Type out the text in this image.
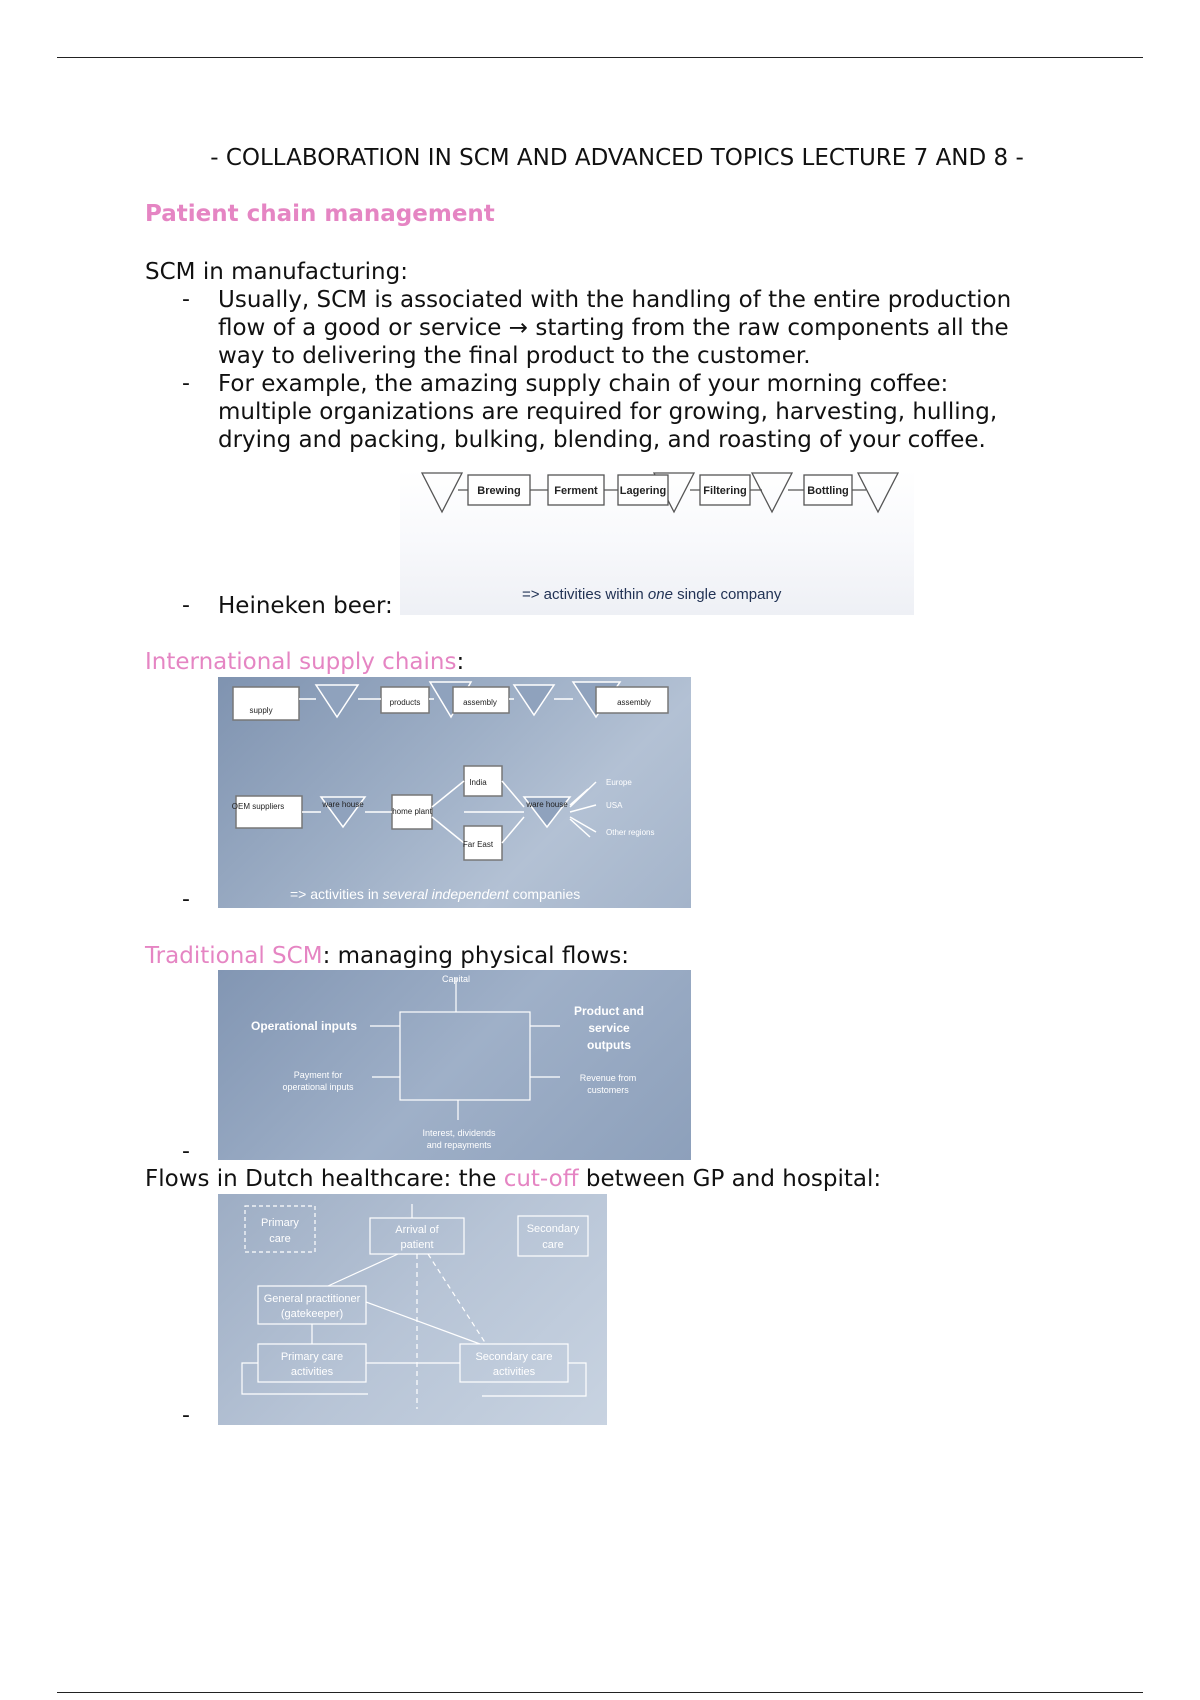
- COLLABORATION IN SCM AND ADVANCED TOPICS LECTURE 7 AND 8 -
Patient chain management
SCM in manufacturing:
- Usually, SCM is associated with the handling of the entire production
flow of a good or service → starting from the raw components all the
way to delivering the final product to the customer.
- For example, the amazing supply chain of your morning coffee:
multiple organizations are required for growing, harvesting, hulling,
drying and packing, bulking, blending, and roasting of your coffee.
Brewing	Ferment Lagering	Filtering	Bottling
=> activities within one single company
- Heineken beer:
International supply chains:
supply
products	assembly	assembly
OEM suppliers	ware house
home plant
India
Far East
ware house
Europe
USA
Other regions
=> activities in several independent companies
-
Traditional SCM: managing physical flows:
Capital
Operational inputs
Product and
service
outputs
Payment for
operational inputs
Revenue from
customers
Interest, dividends
and repayments
-
Flows in Dutch healthcare: the cut-off between GP and hospital:
Primary
care
Arrival of
patient
Secondary
care
General practitioner
(gatekeeper)
Primary care
activities
Secondary care
activities
-
